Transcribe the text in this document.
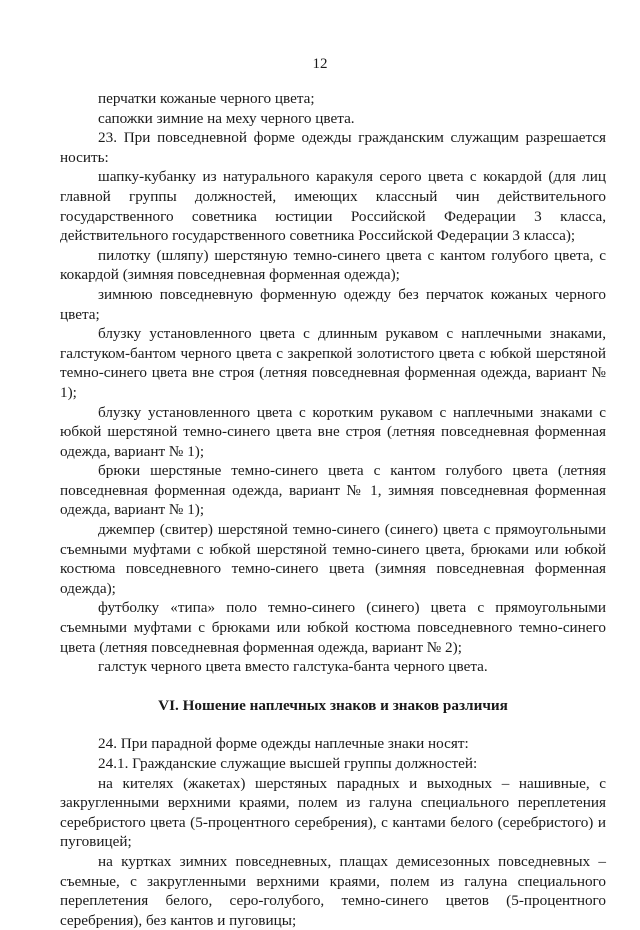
12

перчатки кожаные черного цвета;

сапожки зимние на меху черного цвета.

23. При повседневной форме одежды гражданским служащим разрешается носить:

шапку-кубанку из натурального каракуля серого цвета с кокардой (для лиц главной группы должностей, имеющих классный чин действительного государственного советника юстиции Российской Федерации 3 класса, действительного государственного советника Российской Федерации 3 класса);

пилотку (шляпу) шерстяную темно-синего цвета с кантом голубого цвета, с кокардой (зимняя повседневная форменная одежда);

зимнюю повседневную форменную одежду без перчаток кожаных черного цвета;

блузку установленного цвета с длинным рукавом с наплечными знаками, галстуком-бантом черного цвета с закрепкой золотистого цвета с юбкой шерстяной темно-синего цвета вне строя (летняя повседневная форменная одежда, вариант № 1);

блузку установленного цвета с коротким рукавом с наплечными знаками с юбкой шерстяной темно-синего цвета вне строя (летняя повседневная форменная одежда, вариант № 1);

брюки шерстяные темно-синего цвета с кантом голубого цвета (летняя повседневная форменная одежда, вариант № 1, зимняя повседневная форменная одежда, вариант № 1);

джемпер (свитер) шерстяной темно-синего (синего) цвета с прямоугольными съемными муфтами с юбкой шерстяной темно-синего цвета, брюками или юбкой костюма повседневного темно-синего цвета (зимняя повседневная форменная одежда);

футболку «типа» поло темно-синего (синего) цвета с прямоугольными съемными муфтами с брюками или юбкой костюма повседневного темно-синего цвета (летняя повседневная форменная одежда, вариант № 2);

галстук черного цвета вместо галстука-банта черного цвета.

VI. Ношение наплечных знаков и знаков различия

24. При парадной форме одежды наплечные знаки носят:

24.1. Гражданские служащие высшей группы должностей:

на кителях (жакетах) шерстяных парадных и выходных – нашивные, с закругленными верхними краями, полем из галуна специального переплетения серебристого цвета (5-процентного серебрения), с кантами белого (серебристого) и пуговицей;

на куртках зимних повседневных, плащах демисезонных повседневных – съемные, с закругленными верхними краями, полем из галуна специального переплетения белого, серо-голубого, темно-синего цветов (5-процентного серебрения), без кантов и пуговицы;
